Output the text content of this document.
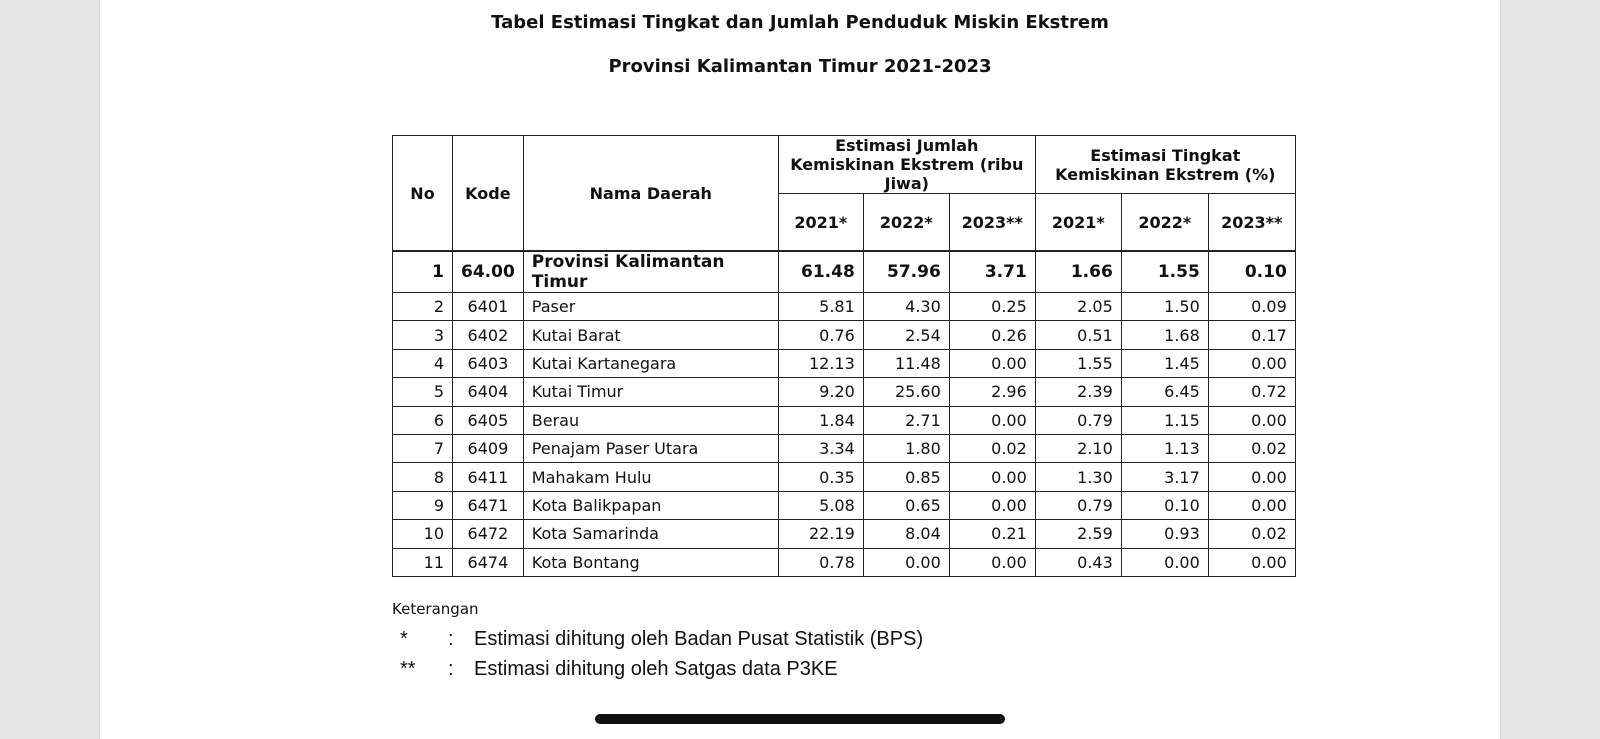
Tabel Estimasi Tingkat dan Jumlah Penduduk Miskin Ekstrem
Provinsi Kalimantan Timur 2021-2023
No	Kode	Nama Daerah	Estimasi Jumlah Kemiskinan Ekstrem (ribu Jiwa)			Estimasi Tingkat Kemiskinan Ekstrem (%)		
			2021*	2022*	2023**	2021*	2022*	2023**
1	64.00	Provinsi Kalimantan Timur	61.48	57.96	3.71	1.66	1.55	0.10
2	6401	Paser	5.81	4.30	0.25	2.05	1.50	0.09
3	6402	Kutai Barat	0.76	2.54	0.26	0.51	1.68	0.17
4	6403	Kutai Kartanegara	12.13	11.48	0.00	1.55	1.45	0.00
5	6404	Kutai Timur	9.20	25.60	2.96	2.39	6.45	0.72
6	6405	Berau	1.84	2.71	0.00	0.79	1.15	0.00
7	6409	Penajam Paser Utara	3.34	1.80	0.02	2.10	1.13	0.02
8	6411	Mahakam Hulu	0.35	0.85	0.00	1.30	3.17	0.00
9	6471	Kota Balikpapan	5.08	0.65	0.00	0.79	0.10	0.00
10	6472	Kota Samarinda	22.19	8.04	0.21	2.59	0.93	0.02
11	6474	Kota Bontang	0.78	0.00	0.00	0.43	0.00	0.00
Keterangan
*	:	Estimasi dihitung oleh Badan Pusat Statistik (BPS)
**	:	Estimasi dihitung oleh Satgas data P3KE
